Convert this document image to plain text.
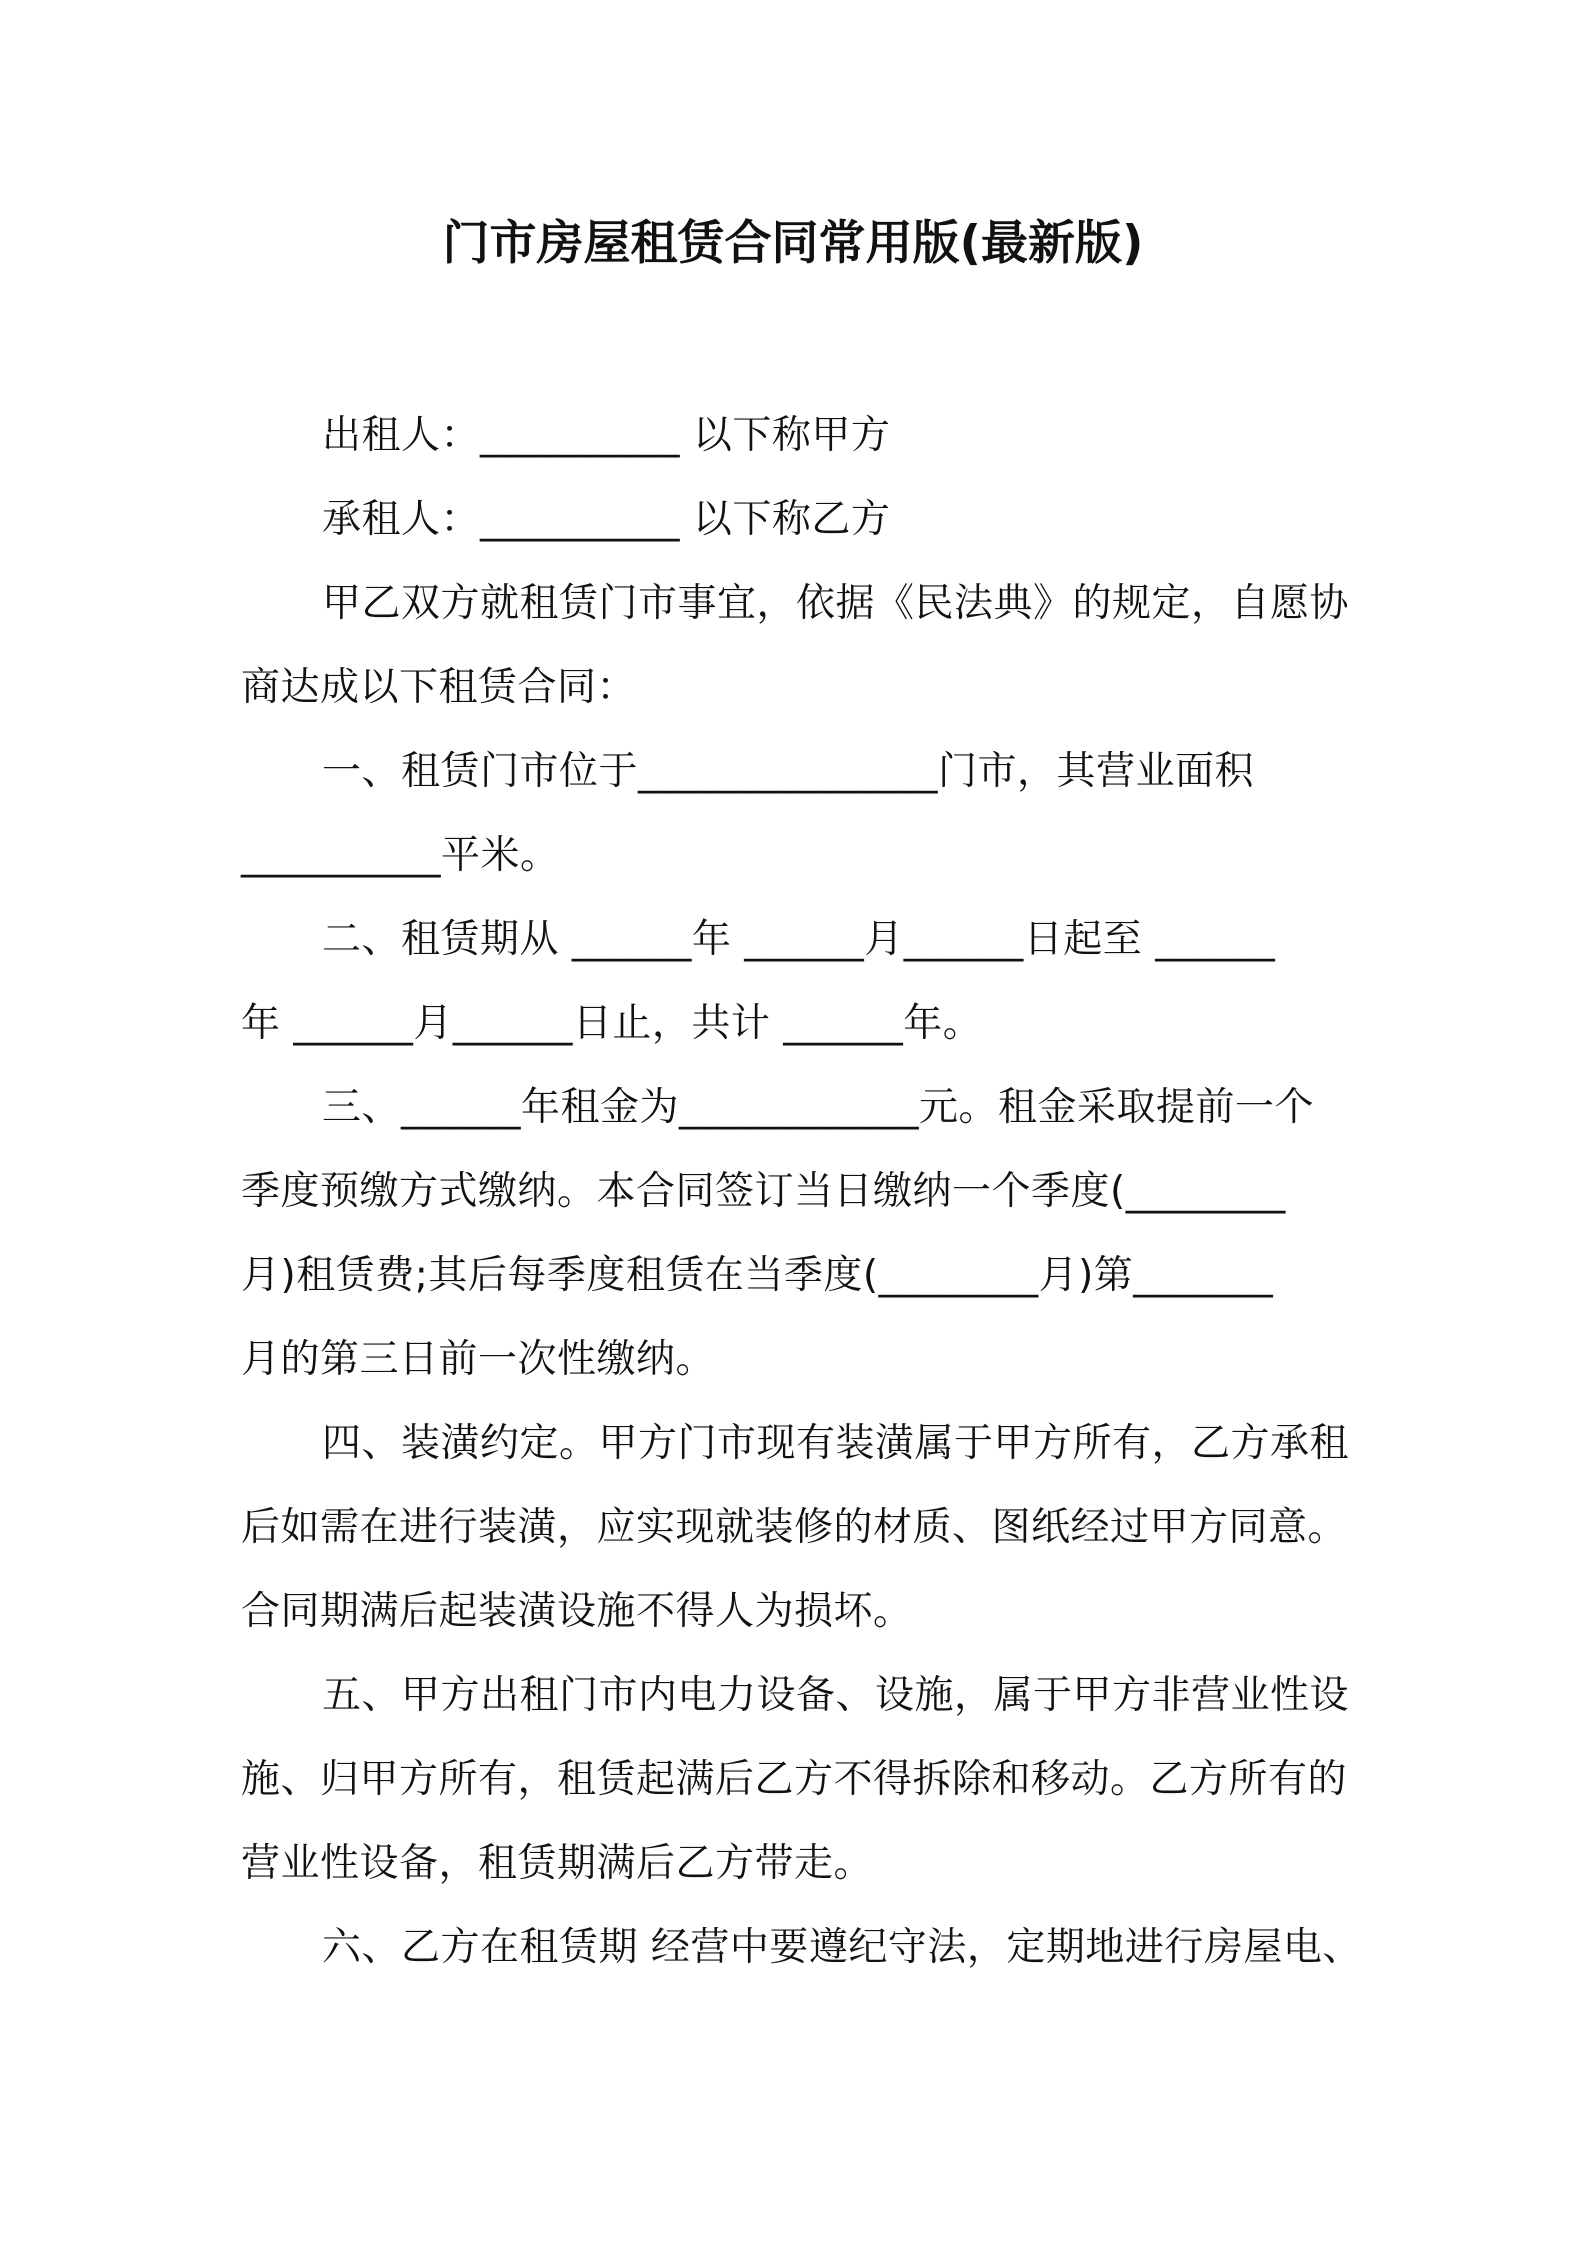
门市房屋租赁合同常用版(最新版)
出租人：__________ 以下称甲方
承租人：__________ 以下称乙方
甲乙双方就租赁门市事宜，依据《民法典》的规定，自愿协
商达成以下租赁合同：
一、租赁门市位于_______________门市，其营业面积
__________平米。
二、租赁期从 ______年 ______月______日起至 ______
年 ______月______日止，共计 ______年。
三、______年租金为____________元。租金采取提前一个
季度预缴方式缴纳。本合同签订当日缴纳一个季度(________
月)租赁费;其后每季度租赁在当季度(________月)第_______
月的第三日前一次性缴纳。
四、装潢约定。甲方门市现有装潢属于甲方所有，乙方承租
后如需在进行装潢，应实现就装修的材质、图纸经过甲方同意。
合同期满后起装潢设施不得人为损坏。
五、甲方出租门市内电力设备、设施，属于甲方非营业性设
施、归甲方所有，租赁起满后乙方不得拆除和移动。乙方所有的
营业性设备，租赁期满后乙方带走。
六、乙方在租赁期 经营中要遵纪守法，定期地进行房屋电、
